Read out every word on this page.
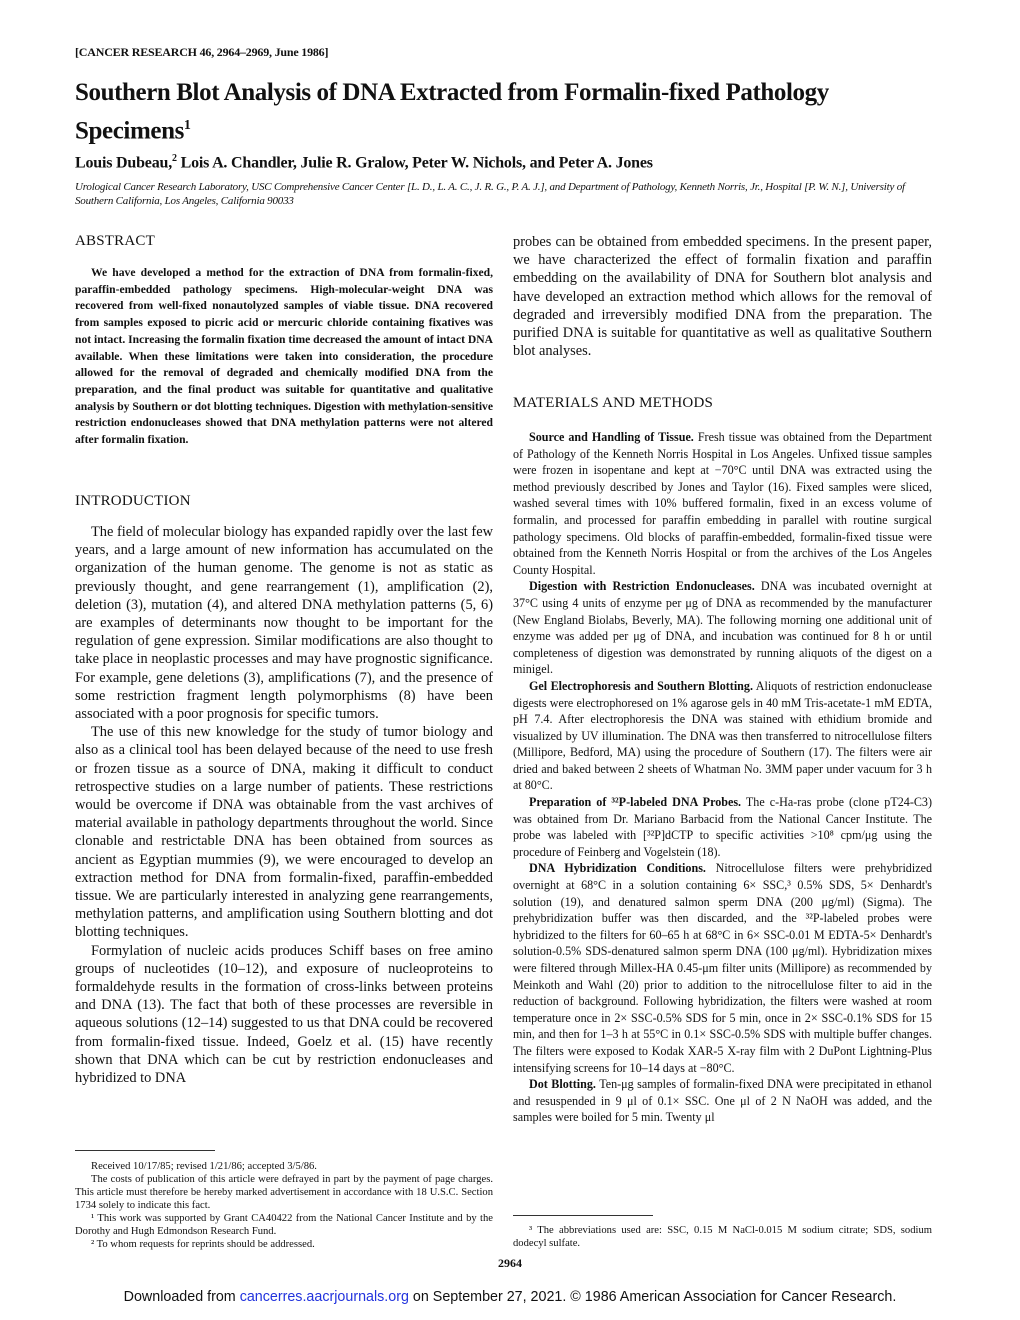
[CANCER RESEARCH 46, 2964–2969, June 1986]
Southern Blot Analysis of DNA Extracted from Formalin-fixed Pathology Specimens$^1$
Louis Dubeau,$^2$ Lois A. Chandler, Julie R. Gralow, Peter W. Nichols, and Peter A. Jones
Urological Cancer Research Laboratory, USC Comprehensive Cancer Center [L. D., L. A. C., J. R. G., P. A. J.], and Department of Pathology, Kenneth Norris, Jr., Hospital [P. W. N.], University of Southern California, Los Angeles, California 90033
ABSTRACT

We have developed a method for the extraction of DNA from formalin-fixed, paraffin-embedded pathology specimens. High-molecular-weight DNA was recovered from well-fixed nonautolyzed samples of viable tissue. DNA recovered from samples exposed to picric acid or mercuric chloride containing fixatives was not intact. Increasing the formalin fixation time decreased the amount of intact DNA available. When these limitations were taken into consideration, the procedure allowed for the removal of degraded and chemically modified DNA from the preparation, and the final product was suitable for quantitative and qualitative analysis by Southern or dot blotting techniques. Digestion with methylation-sensitive restriction endonucleases showed that DNA methylation patterns were not altered after formalin fixation.

INTRODUCTION

The field of molecular biology has expanded rapidly over the last few years, and a large amount of new information has accumulated on the organization of the human genome. The genome is not as static as previously thought, and gene rearrangement (1), amplification (2), deletion (3), mutation (4), and altered DNA methylation patterns (5, 6) are examples of determinants now thought to be important for the regulation of gene expression. Similar modifications are also thought to take place in neoplastic processes and may have prognostic significance. For example, gene deletions (3), amplifications (7), and the presence of some restriction fragment length polymorphisms (8) have been associated with a poor prognosis for specific tumors.

The use of this new knowledge for the study of tumor biology and also as a clinical tool has been delayed because of the need to use fresh or frozen tissue as a source of DNA, making it difficult to conduct retrospective studies on a large number of patients. These restrictions would be overcome if DNA was obtainable from the vast archives of material available in pathology departments throughout the world. Since clonable and restrictable DNA has been obtained from sources as ancient as Egyptian mummies (9), we were encouraged to develop an extraction method for DNA from formalin-fixed, paraffin-embedded tissue. We are particularly interested in analyzing gene rearrangements, methylation patterns, and amplification using Southern blotting and dot blotting techniques.

Formylation of nucleic acids produces Schiff bases on free amino groups of nucleotides (10–12), and exposure of nucleoproteins to formaldehyde results in the formation of cross-links between proteins and DNA (13). The fact that both of these processes are reversible in aqueous solutions (12–14) suggested to us that DNA could be recovered from formalin-fixed tissue. Indeed, Goelz et al. (15) have recently shown that DNA which can be cut by restriction endonucleases and hybridized to DNA

probes can be obtained from embedded specimens. In the present paper, we have characterized the effect of formalin fixation and paraffin embedding on the availability of DNA for Southern blot analysis and have developed an extraction method which allows for the removal of degraded and irreversibly modified DNA from the preparation. The purified DNA is suitable for quantitative as well as qualitative Southern blot analyses.

MATERIALS AND METHODS

Source and Handling of Tissue. Fresh tissue was obtained from the Department of Pathology of the Kenneth Norris Hospital in Los Angeles. Unfixed tissue samples were frozen in isopentane and kept at −70°C until DNA was extracted using the method previously described by Jones and Taylor (16). Fixed samples were sliced, washed several times with 10% buffered formalin, fixed in an excess volume of formalin, and processed for paraffin embedding in parallel with routine surgical pathology specimens. Old blocks of paraffin-embedded, formalin-fixed tissue were obtained from the Kenneth Norris Hospital or from the archives of the Los Angeles County Hospital.

Digestion with Restriction Endonucleases. DNA was incubated overnight at 37°C using 4 units of enzyme per μg of DNA as recommended by the manufacturer (New England Biolabs, Beverly, MA). The following morning one additional unit of enzyme was added per μg of DNA, and incubation was continued for 8 h or until completeness of digestion was demonstrated by running aliquots of the digest on a minigel.

Gel Electrophoresis and Southern Blotting. Aliquots of restriction endonuclease digests were electrophoresed on 1% agarose gels in 40 mM Tris-acetate-1 mM EDTA, pH 7.4. After electrophoresis the DNA was stained with ethidium bromide and visualized by UV illumination. The DNA was then transferred to nitrocellulose filters (Millipore, Bedford, MA) using the procedure of Southern (17). The filters were air dried and baked between 2 sheets of Whatman No. 3MM paper under vacuum for 3 h at 80°C.

Preparation of ³²P-labeled DNA Probes. The c-Ha-ras probe (clone pT24-C3) was obtained from Dr. Mariano Barbacid from the National Cancer Institute. The probe was labeled with [³²P]dCTP to specific activities >10⁸ cpm/μg using the procedure of Feinberg and Vogelstein (18).

DNA Hybridization Conditions. Nitrocellulose filters were prehybridized overnight at 68°C in a solution containing 6× SSC,³ 0.5% SDS, 5× Denhardt's solution (19), and denatured salmon sperm DNA (200 μg/ml) (Sigma). The prehybridization buffer was then discarded, and the ³²P-labeled probes were hybridized to the filters for 60–65 h at 68°C in 6× SSC-0.01 M EDTA-5× Denhardt's solution-0.5% SDS-denatured salmon sperm DNA (100 μg/ml). Hybridization mixes were filtered through Millex-HA 0.45-μm filter units (Millipore) as recommended by Meinkoth and Wahl (20) prior to addition to the nitrocellulose filter to aid in the reduction of background. Following hybridization, the filters were washed at room temperature once in 2× SSC-0.5% SDS for 5 min, once in 2× SSC-0.1% SDS for 15 min, and then for 1–3 h at 55°C in 0.1× SSC-0.5% SDS with multiple buffer changes. The filters were exposed to Kodak XAR-5 X-ray film with 2 DuPont Lightning-Plus intensifying screens for 10–14 days at −80°C.

Dot Blotting. Ten-μg samples of formalin-fixed DNA were precipitated in ethanol and resuspended in 9 μl of 0.1× SSC. One μl of 2 N NaOH was added, and the samples were boiled for 5 min. Twenty μl

Received 10/17/85; revised 1/21/86; accepted 3/5/86.

The costs of publication of this article were defrayed in part by the payment of page charges. This article must therefore be hereby marked advertisement in accordance with 18 U.S.C. Section 1734 solely to indicate this fact.

¹ This work was supported by Grant CA40422 from the National Cancer Institute and by the Dorothy and Hugh Edmondson Research Fund.

² To whom requests for reprints should be addressed.

³ The abbreviations used are: SSC, 0.15 M NaCl-0.015 M sodium citrate; SDS, sodium dodecyl sulfate.

2964
Downloaded from cancerres.aacrjournals.org on September 27, 2021. © 1986 American Association for Cancer Research.
